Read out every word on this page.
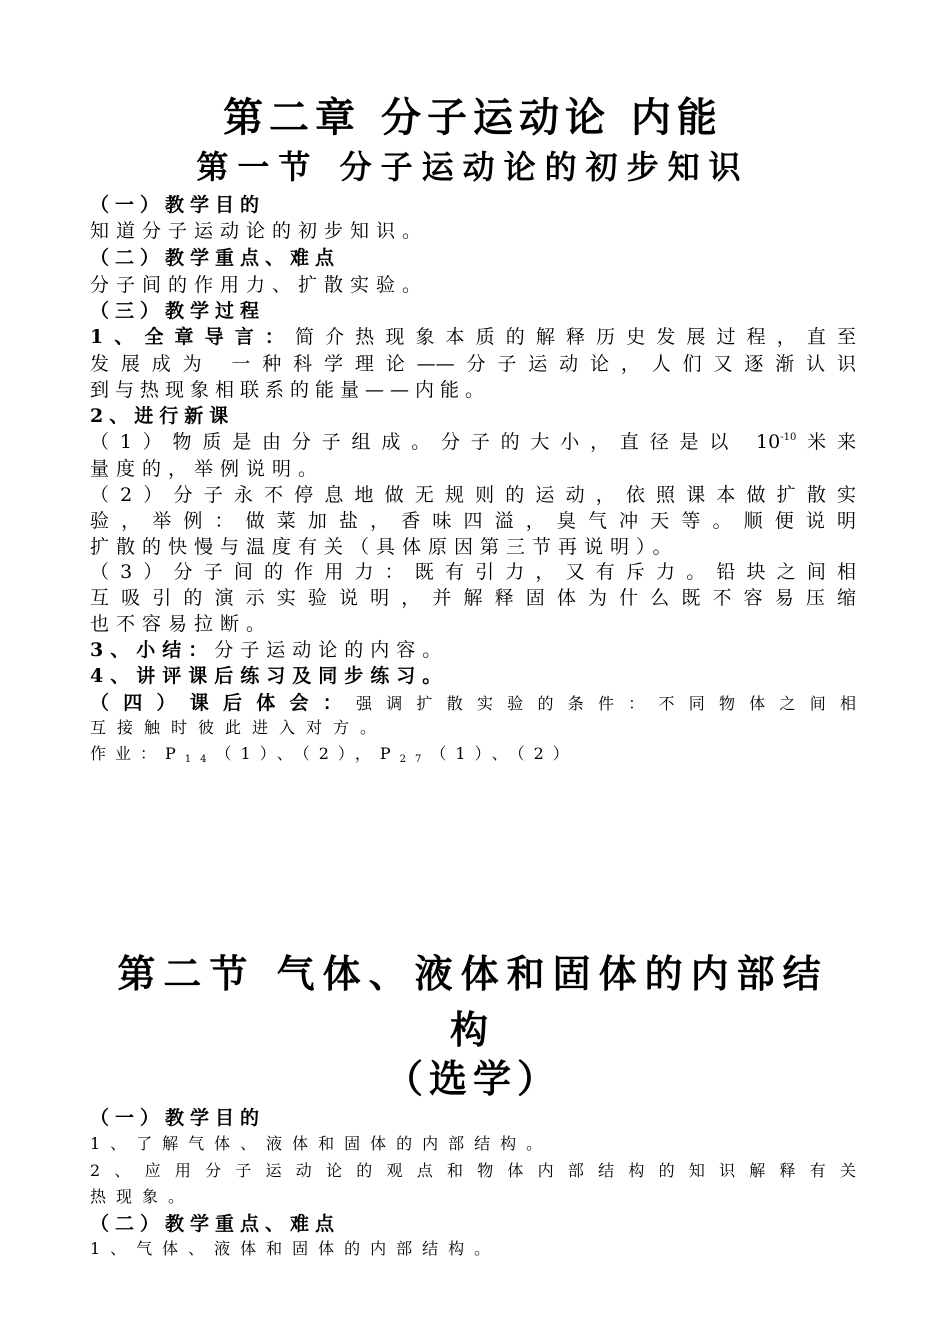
第二章 分子运动论 内能
第一节 分子运动论的初步知识
（一）教学目的
知道分子运动论的初步知识。
（二）教学重点、难点
分子间的作用力、扩散实验。
（三）教学过程
1、全章导言：简介热现象本质的解释历史发展过程，直至
发展成为 一种科学理论——分子运动论，人们又逐渐认识
到与热现象相联系的能量——内能。
2、进行新课
（1）物质是由分子组成。分子的大小，直径是以 $10^{-10}$米来
量度的，举例说明。
（2）分子永不停息地做无规则的运动，依照课本做扩散实
验，举例：做菜加盐，香味四溢，臭气冲天等。顺便说明
扩散的快慢与温度有关（具体原因第三节再说明）。
（3）分子间的作用力：既有引力，又有斥力。铅块之间相
互吸引的演示实验说明，并解释固体为什么既不容易压缩
也不容易拉断。
3、小结：分子运动论的内容。
4、讲评课后练习及同步练习。
（四）课后体会：强调扩散实验的条件：不同物体之间相
互接触时彼此进入对方。
作业：$P_{14}(1)$、（2），$P_{27}(1)$、（2）
第二节 气体、液体和固体的内部结
构
（选学）
（一）教学目的
1、了解气体、液体和固体的内部结构。
2、应用分子运动论的观点和物体内部结构的知识解释有关
热现象。
（二）教学重点、难点
1、气体、液体和固体的内部结构。
